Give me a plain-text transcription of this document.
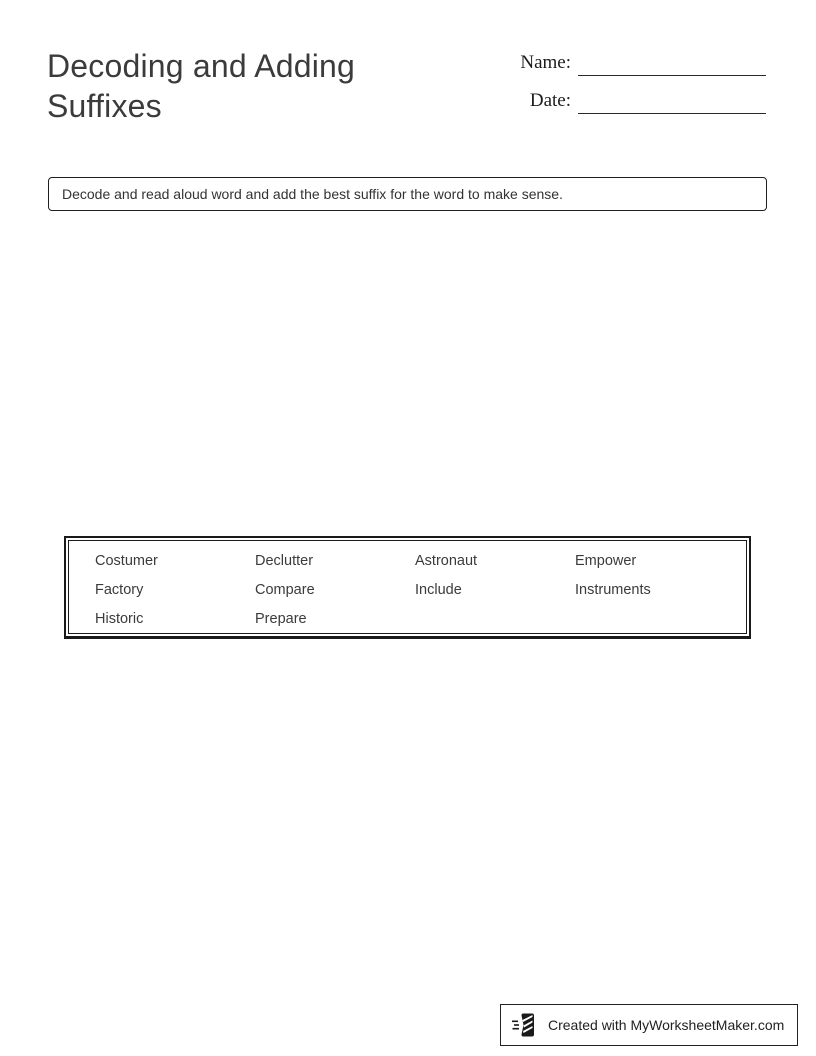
Decoding and Adding Suffixes
Name:
Date:
Decode and read aloud word and add the best suffix for the word to make sense.
Costumer	Declutter	Astronaut	Empower
Factory	Compare	Include	Instruments
Historic	Prepare
Created with MyWorksheetMaker.com
